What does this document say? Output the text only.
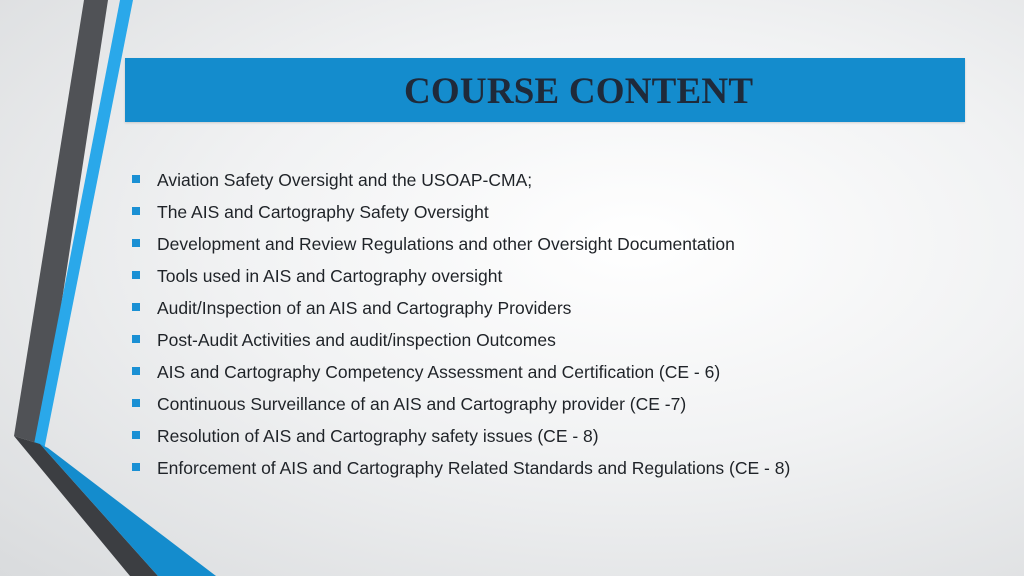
COURSE CONTENT
Aviation Safety Oversight and the USOAP-CMA;
The AIS and Cartography Safety Oversight
Development and Review Regulations and other Oversight Documentation
Tools used in AIS and Cartography oversight
Audit/Inspection of an AIS and Cartography Providers
Post-Audit Activities and audit/inspection Outcomes
AIS and Cartography Competency Assessment and Certification (CE - 6)
Continuous Surveillance of an AIS and Cartography provider (CE -7)
Resolution of AIS and Cartography safety issues (CE - 8)
Enforcement of AIS and Cartography Related Standards and Regulations (CE - 8)
